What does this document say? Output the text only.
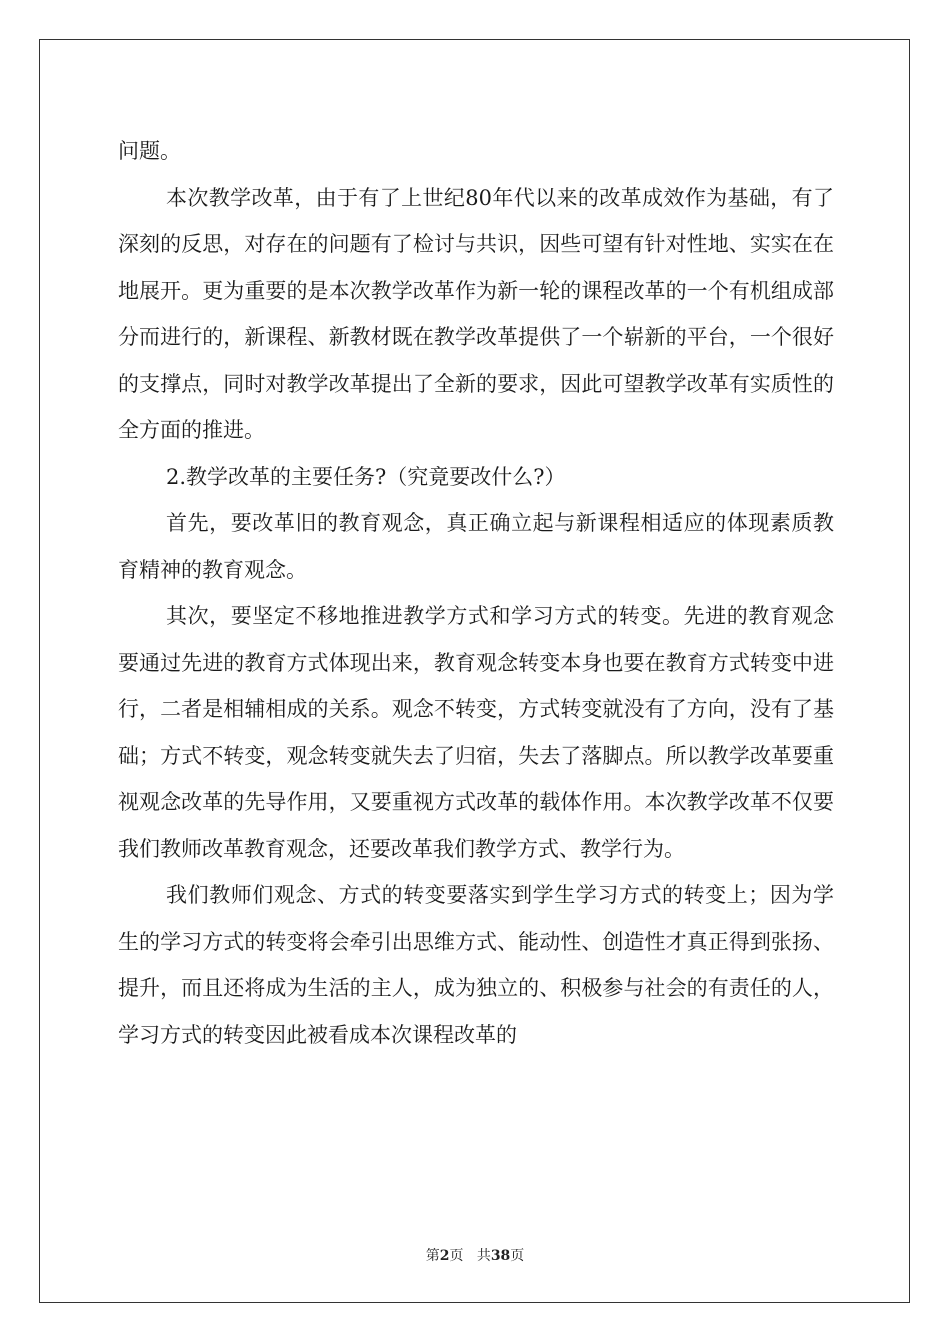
问题。

本次教学改革，由于有了上世纪80年代以来的改革成效作为基础，有了深刻的反思，对存在的问题有了检讨与共识，因些可望有针对性地、实实在在地展开。更为重要的是本次教学改革作为新一轮的课程改革的一个有机组成部分而进行的，新课程、新教材既在教学改革提供了一个崭新的平台，一个很好的支撑点，同时对教学改革提出了全新的要求，因此可望教学改革有实质性的全方面的推进。

2.教学改革的主要任务?（究竟要改什么?）

首先，要改革旧的教育观念，真正确立起与新课程相适应的体现素质教育精神的教育观念。

其次，要坚定不移地推进教学方式和学习方式的转变。先进的教育观念要通过先进的教育方式体现出来，教育观念转变本身也要在教育方式转变中进行，二者是相辅相成的关系。观念不转变，方式转变就没有了方向，没有了基础；方式不转变，观念转变就失去了归宿，失去了落脚点。所以教学改革要重视观念改革的先导作用，又要重视方式改革的载体作用。本次教学改革不仅要我们教师改革教育观念，还要改革我们教学方式、教学行为。

我们教师们观念、方式的转变要落实到学生学习方式的转变上；因为学生的学习方式的转变将会牵引出思维方式、能动性、创造性才真正得到张扬、提升，而且还将成为生活的主人，成为独立的、积极参与社会的有责任的人，学习方式的转变因此被看成本次课程改革的

第2页 共38页
